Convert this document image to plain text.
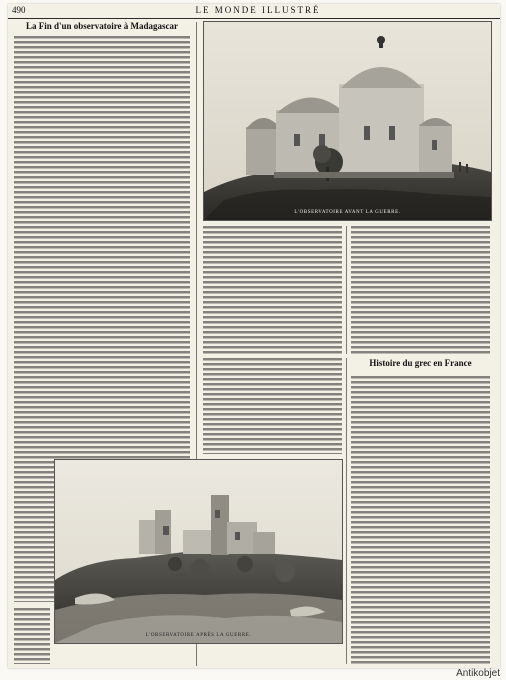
490	LE MONDE ILLUSTRÉ
La Fin d'un observatoire à Madagascar
L'OBSERVATOIRE AVANT LA GUERRE.
Histoire du grec en France
L'OBSERVATOIRE APRÈS LA GUERRE.
Antikobjet
